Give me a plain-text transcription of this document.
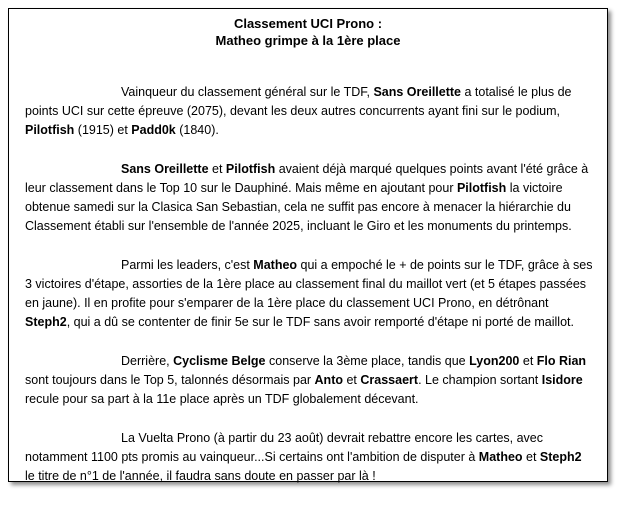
Classement UCI Prono :
Matheo grimpe à la 1ère place

Vainqueur du classement général sur le TDF, Sans Oreillette a totalisé le plus de points UCI sur cette épreuve (2075), devant les deux autres concurrents ayant fini sur le podium, Pilotfish (1915) et Padd0k (1840).

Sans Oreillette et Pilotfish avaient déjà marqué quelques points avant l'été grâce à leur classement dans le Top 10 sur le Dauphiné. Mais même en ajoutant pour Pilotfish la victoire obtenue samedi sur la Clasica San Sebastian, cela ne suffit pas encore à menacer la hiérarchie du Classement établi sur l'ensemble de l'année 2025, incluant le Giro et les monuments du printemps.

Parmi les leaders, c'est Matheo qui a empoché le + de points sur le TDF, grâce à ses 3 victoires d'étape, assorties de la 1ère place au classement final du maillot vert (et 5 étapes passées en jaune). Il en profite pour s'emparer de la 1ère place du classement UCI Prono, en détrônant Steph2, qui a dû se contenter de finir 5e sur le TDF sans avoir remporté d'étape ni porté de maillot.

Derrière, Cyclisme Belge conserve la 3ème place, tandis que Lyon200 et Flo Rian sont toujours dans le Top 5, talonnés désormais par Anto et Crassaert. Le champion sortant Isidore recule pour sa part à la 11e place après un TDF globalement décevant.

La Vuelta Prono (à partir du 23 août) devrait rebattre encore les cartes, avec notamment 1100 pts promis au vainqueur...Si certains ont l'ambition de disputer à Matheo et Steph2 le titre de n°1 de l'année, il faudra sans doute en passer par là !
